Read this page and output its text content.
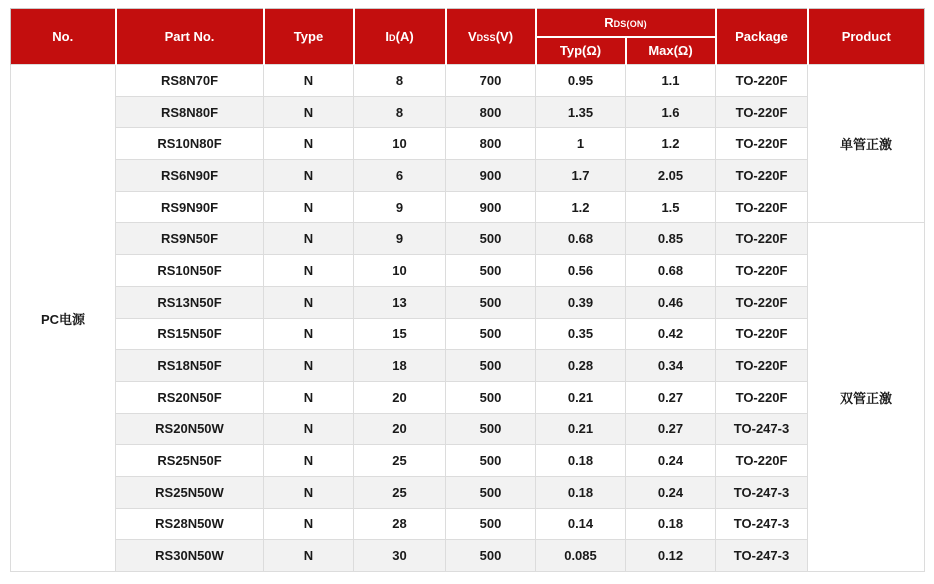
No.	Part No.	Type	ID(A)	VDSS(V)	RDS(ON)		Package	Product
					Typ(Ω)	Max(Ω)		
PC电源	RS8N70F	N	8	700	0.95	1.1	TO-220F	单管正激
	RS8N80F	N	8	800	1.35	1.6	TO-220F	
	RS10N80F	N	10	800	1	1.2	TO-220F	
	RS6N90F	N	6	900	1.7	2.05	TO-220F	
	RS9N90F	N	9	900	1.2	1.5	TO-220F	
	RS9N50F	N	9	500	0.68	0.85	TO-220F	双管正激
	RS10N50F	N	10	500	0.56	0.68	TO-220F	
	RS13N50F	N	13	500	0.39	0.46	TO-220F	
	RS15N50F	N	15	500	0.35	0.42	TO-220F	
	RS18N50F	N	18	500	0.28	0.34	TO-220F	
	RS20N50F	N	20	500	0.21	0.27	TO-220F	
	RS20N50W	N	20	500	0.21	0.27	TO-247-3	
	RS25N50F	N	25	500	0.18	0.24	TO-220F	
	RS25N50W	N	25	500	0.18	0.24	TO-247-3	
	RS28N50W	N	28	500	0.14	0.18	TO-247-3	
	RS30N50W	N	30	500	0.085	0.12	TO-247-3	
